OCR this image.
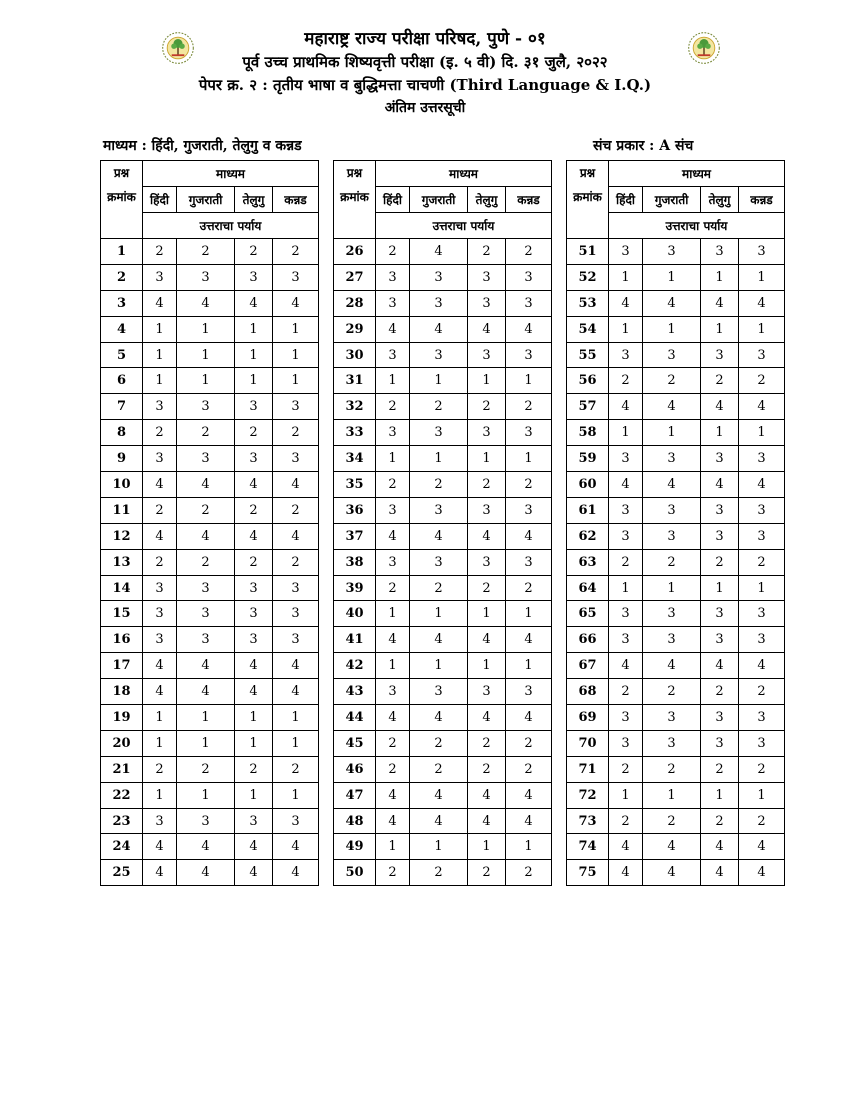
महाराष्ट्र राज्य परीक्षा परिषद, पुणे - ०१
पूर्व उच्च प्राथमिक शिष्यवृत्ती परीक्षा (इ. ५ वी) दि. ३१ जुलै, २०२२
पेपर क्र. २ : तृतीय भाषा व बुद्धिमत्ता चाचणी (Third Language & I.Q.)
अंतिम उत्तरसूची
माध्यम : हिंदी, गुजराती, तेलुगु व कन्नड	संच प्रकार : A संच
प्रश्न
क्रमांक	माध्यम			
	हिंदी	गुजराती	तेलुगु	कन्नड
	उत्तराचा पर्याय			
1	2	2	2	2
2	3	3	3	3
3	4	4	4	4
4	1	1	1	1
5	1	1	1	1
6	1	1	1	1
7	3	3	3	3
8	2	2	2	2
9	3	3	3	3
10	4	4	4	4
11	2	2	2	2
12	4	4	4	4
13	2	2	2	2
14	3	3	3	3
15	3	3	3	3
16	3	3	3	3
17	4	4	4	4
18	4	4	4	4
19	1	1	1	1
20	1	1	1	1
21	2	2	2	2
22	1	1	1	1
23	3	3	3	3
24	4	4	4	4
25	4	4	4	4
प्रश्न
क्रमांक	माध्यम			
	हिंदी	गुजराती	तेलुगु	कन्नड
	उत्तराचा पर्याय			
26	2	4	2	2
27	3	3	3	3
28	3	3	3	3
29	4	4	4	4
30	3	3	3	3
31	1	1	1	1
32	2	2	2	2
33	3	3	3	3
34	1	1	1	1
35	2	2	2	2
36	3	3	3	3
37	4	4	4	4
38	3	3	3	3
39	2	2	2	2
40	1	1	1	1
41	4	4	4	4
42	1	1	1	1
43	3	3	3	3
44	4	4	4	4
45	2	2	2	2
46	2	2	2	2
47	4	4	4	4
48	4	4	4	4
49	1	1	1	1
50	2	2	2	2
प्रश्न
क्रमांक	माध्यम			
	हिंदी	गुजराती	तेलुगु	कन्नड
	उत्तराचा पर्याय			
51	3	3	3	3
52	1	1	1	1
53	4	4	4	4
54	1	1	1	1
55	3	3	3	3
56	2	2	2	2
57	4	4	4	4
58	1	1	1	1
59	3	3	3	3
60	4	4	4	4
61	3	3	3	3
62	3	3	3	3
63	2	2	2	2
64	1	1	1	1
65	3	3	3	3
66	3	3	3	3
67	4	4	4	4
68	2	2	2	2
69	3	3	3	3
70	3	3	3	3
71	2	2	2	2
72	1	1	1	1
73	2	2	2	2
74	4	4	4	4
75	4	4	4	4
